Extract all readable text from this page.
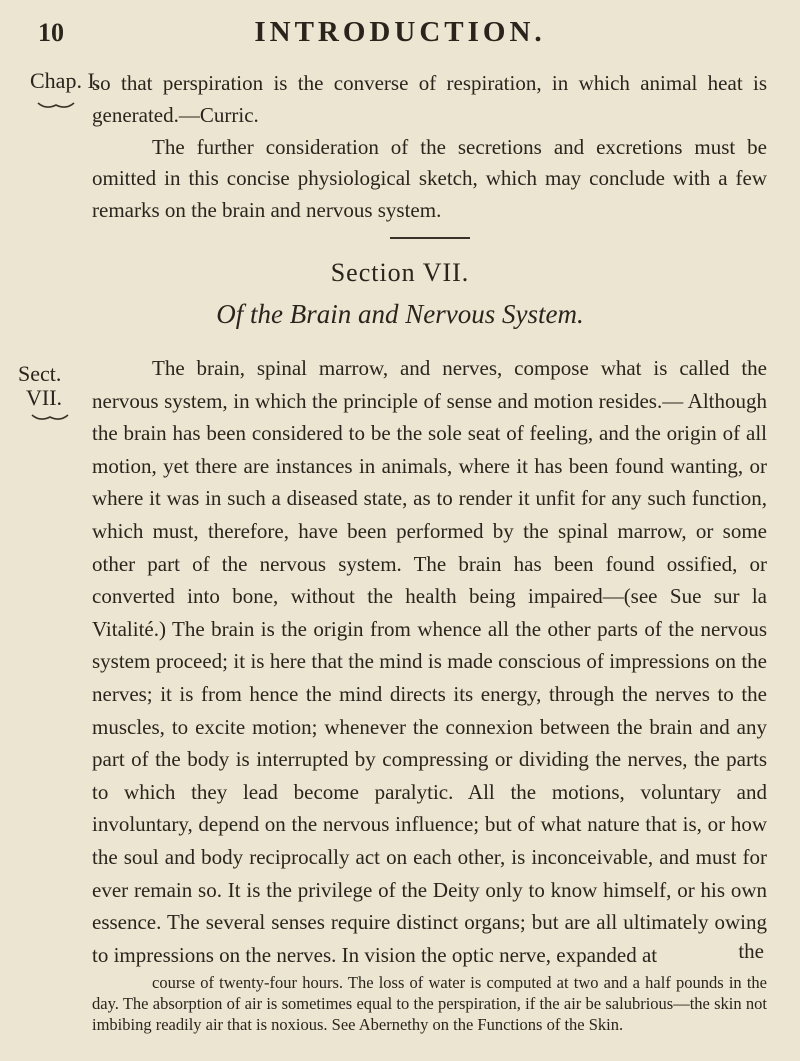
10	INTRODUCTION.
Chap. I.

so that perspiration is the converse of respiration, in which animal heat is generated.—Curric.

The further consideration of the secretions and excretions must be omitted in this concise physiological sketch, which may conclude with a few remarks on the brain and nervous system.

Section VII.
Of the Brain and Nervous System.
Sect.
VII.

The brain, spinal marrow, and nerves, compose what is called the nervous system, in which the principle of sense and motion resides.— Although the brain has been considered to be the sole seat of feeling, and the origin of all motion, yet there are instances in animals, where it has been found wanting, or where it was in such a diseased state, as to render it unfit for any such function, which must, therefore, have been performed by the spinal marrow, or some other part of the nervous system. The brain has been found ossified, or converted into bone, without the health being impaired—(see Sue sur la Vitalité.) The brain is the origin from whence all the other parts of the nervous system proceed; it is here that the mind is made conscious of impressions on the nerves; it is from hence the mind directs its energy, through the nerves to the muscles, to excite motion; whenever the connexion between the brain and any part of the body is interrupted by compressing or dividing the nerves, the parts to which they lead become paralytic. All the motions, voluntary and involuntary, depend on the nervous influence; but of what nature that is, or how the soul and body reciprocally act on each other, is inconceivable, and must for ever remain so. It is the privilege of the Deity only to know himself, or his own essence. The several senses require distinct organs; but are all ultimately owing to impressions on the nerves. In vision the optic nerve, expanded at	the

course of twenty-four hours. The loss of water is computed at two and a half pounds in the day. The absorption of air is sometimes equal to the perspiration, if the air be salubrious—the skin not imbibing readily air that is noxious. See Abernethy on the Functions of the Skin.
